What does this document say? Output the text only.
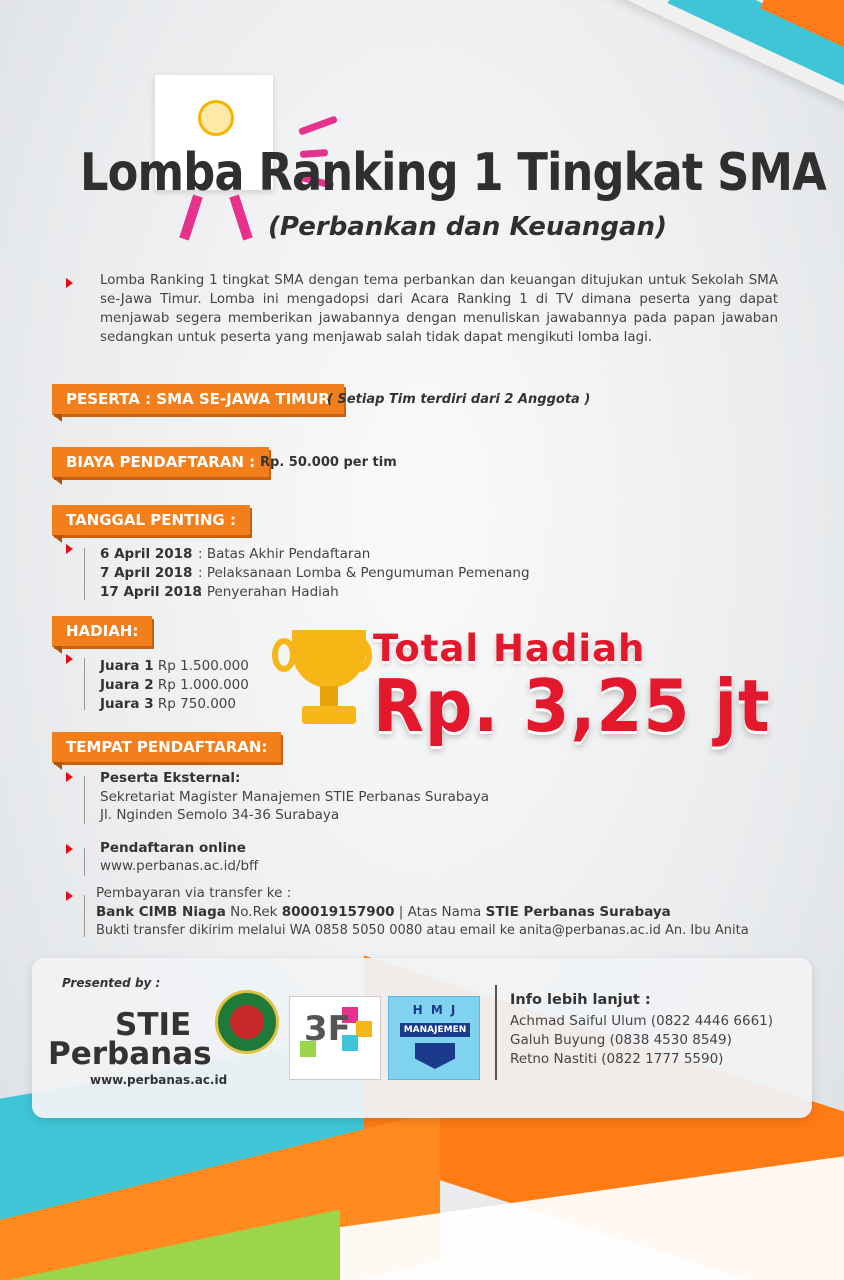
Lomba Ranking 1 Tingkat SMA
(Perbankan dan Keuangan)
Lomba Ranking 1 tingkat SMA dengan tema perbankan dan keuangan ditujukan untuk Sekolah SMA se-Jawa Timur. Lomba ini mengadopsi dari Acara Ranking 1 di TV dimana peserta yang dapat menjawab segera memberikan jawabannya dengan menuliskan jawabannya pada papan jawaban sedangkan untuk peserta yang menjawab salah tidak dapat mengikuti lomba lagi.
PESERTA : SMA SE-JAWA TIMUR
( Setiap Tim terdiri dari 2 Anggota )
BIAYA PENDAFTARAN : Rp. 50.000 per tim
TANGGAL PENTING :
6 April 2018 : Batas Akhir Pendaftaran
7 April 2018 : Pelaksanaan Lomba & Pengumuman Pemenang
17 April 2018
: Penyerahan Hadiah
HADIAH:
Juara 1 Rp 1.500.000
Juara 2 Rp 1.000.000
Juara 3 Rp 750.000
Total Hadiah
Rp. 3,25 jt
TEMPAT PENDAFTARAN:
Peserta Eksternal:
Sekretariat Magister Manajemen STIE Perbanas Surabaya
Jl. Nginden Semolo 34-36 Surabaya
Pendaftaran online
www.perbanas.ac.id/bff
Pembayaran via transfer ke :
Bank CIMB Niaga No.Rek 800019157900 | Atas Nama STIE Perbanas Surabaya
Bukti transfer dikirim melalui WA 0858 5050 0080 atau email ke anita@perbanas.ac.id An. Ibu Anita
Presented by :
STIE
Perbanas
www.perbanas.ac.id
3F	H M J
MANAJEMEN
Info lebih lanjut :
Achmad Saiful Ulum (0822 4446 6661)
Galuh Buyung (0838 4530 8549)
Retno Nastiti (0822 1777 5590)
